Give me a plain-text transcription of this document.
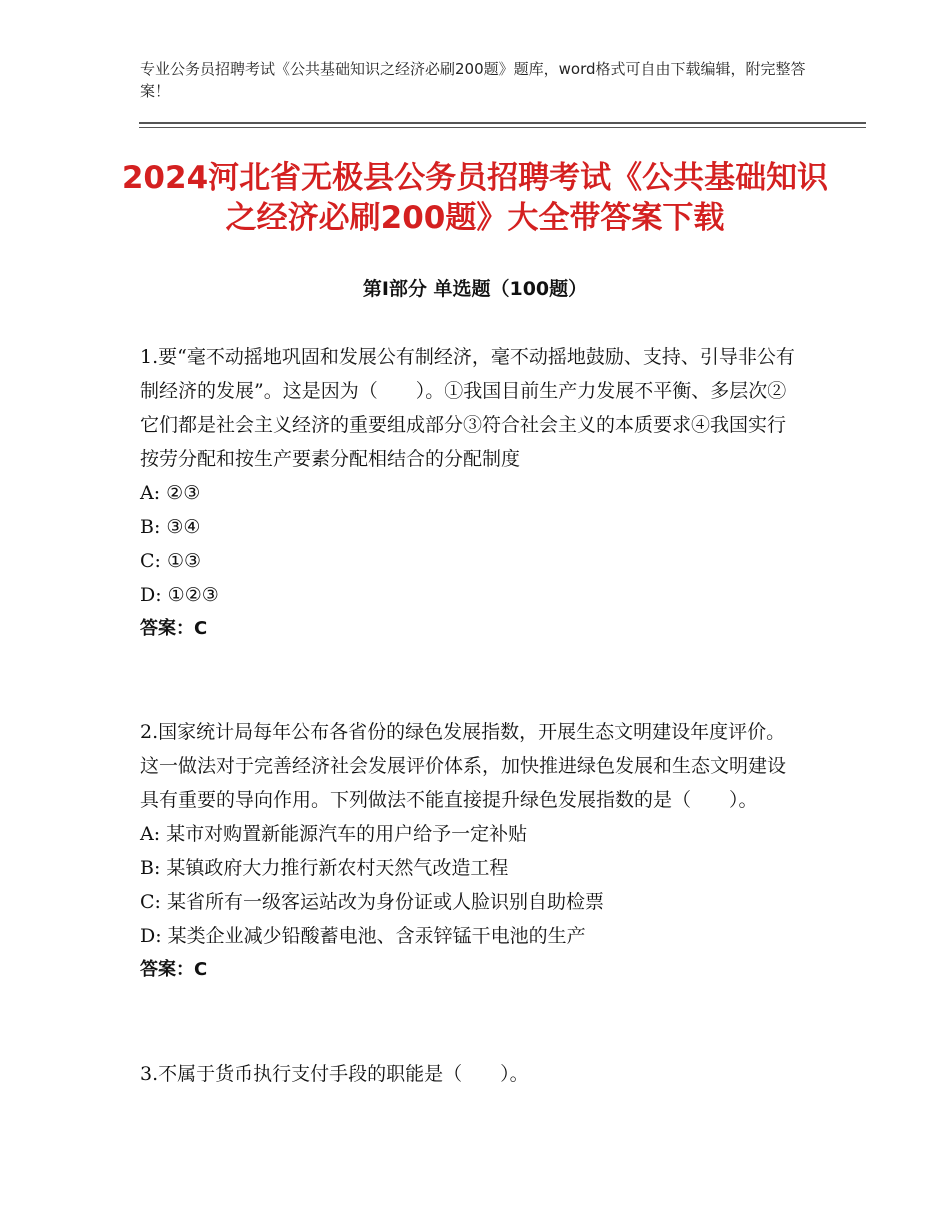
专业公务员招聘考试《公共基础知识之经济必刷200题》题库，word格式可自由下载编辑，附完整答案！
2024河北省无极县公务员招聘考试《公共基础知识之经济必刷200题》大全带答案下载
第Ⅰ部分 单选题（100题）

1.要“毫不动摇地巩固和发展公有制经济，毫不动摇地鼓励、支持、引导非公有制经济的发展”。这是因为（　　）。①我国目前生产力发展不平衡、多层次②它们都是社会主义经济的重要组成部分③符合社会主义的本质要求④我国实行按劳分配和按生产要素分配相结合的分配制度

A: ②③

B: ③④

C: ①③

D: ①②③

答案：C

2.国家统计局每年公布各省份的绿色发展指数，开展生态文明建设年度评价。这一做法对于完善经济社会发展评价体系，加快推进绿色发展和生态文明建设具有重要的导向作用。下列做法不能直接提升绿色发展指数的是（　　）。

A: 某市对购置新能源汽车的用户给予一定补贴

B: 某镇政府大力推行新农村天然气改造工程

C: 某省所有一级客运站改为身份证或人脸识别自助检票

D: 某类企业减少铅酸蓄电池、含汞锌锰干电池的生产

答案：C

3.不属于货币执行支付手段的职能是（　　）。
